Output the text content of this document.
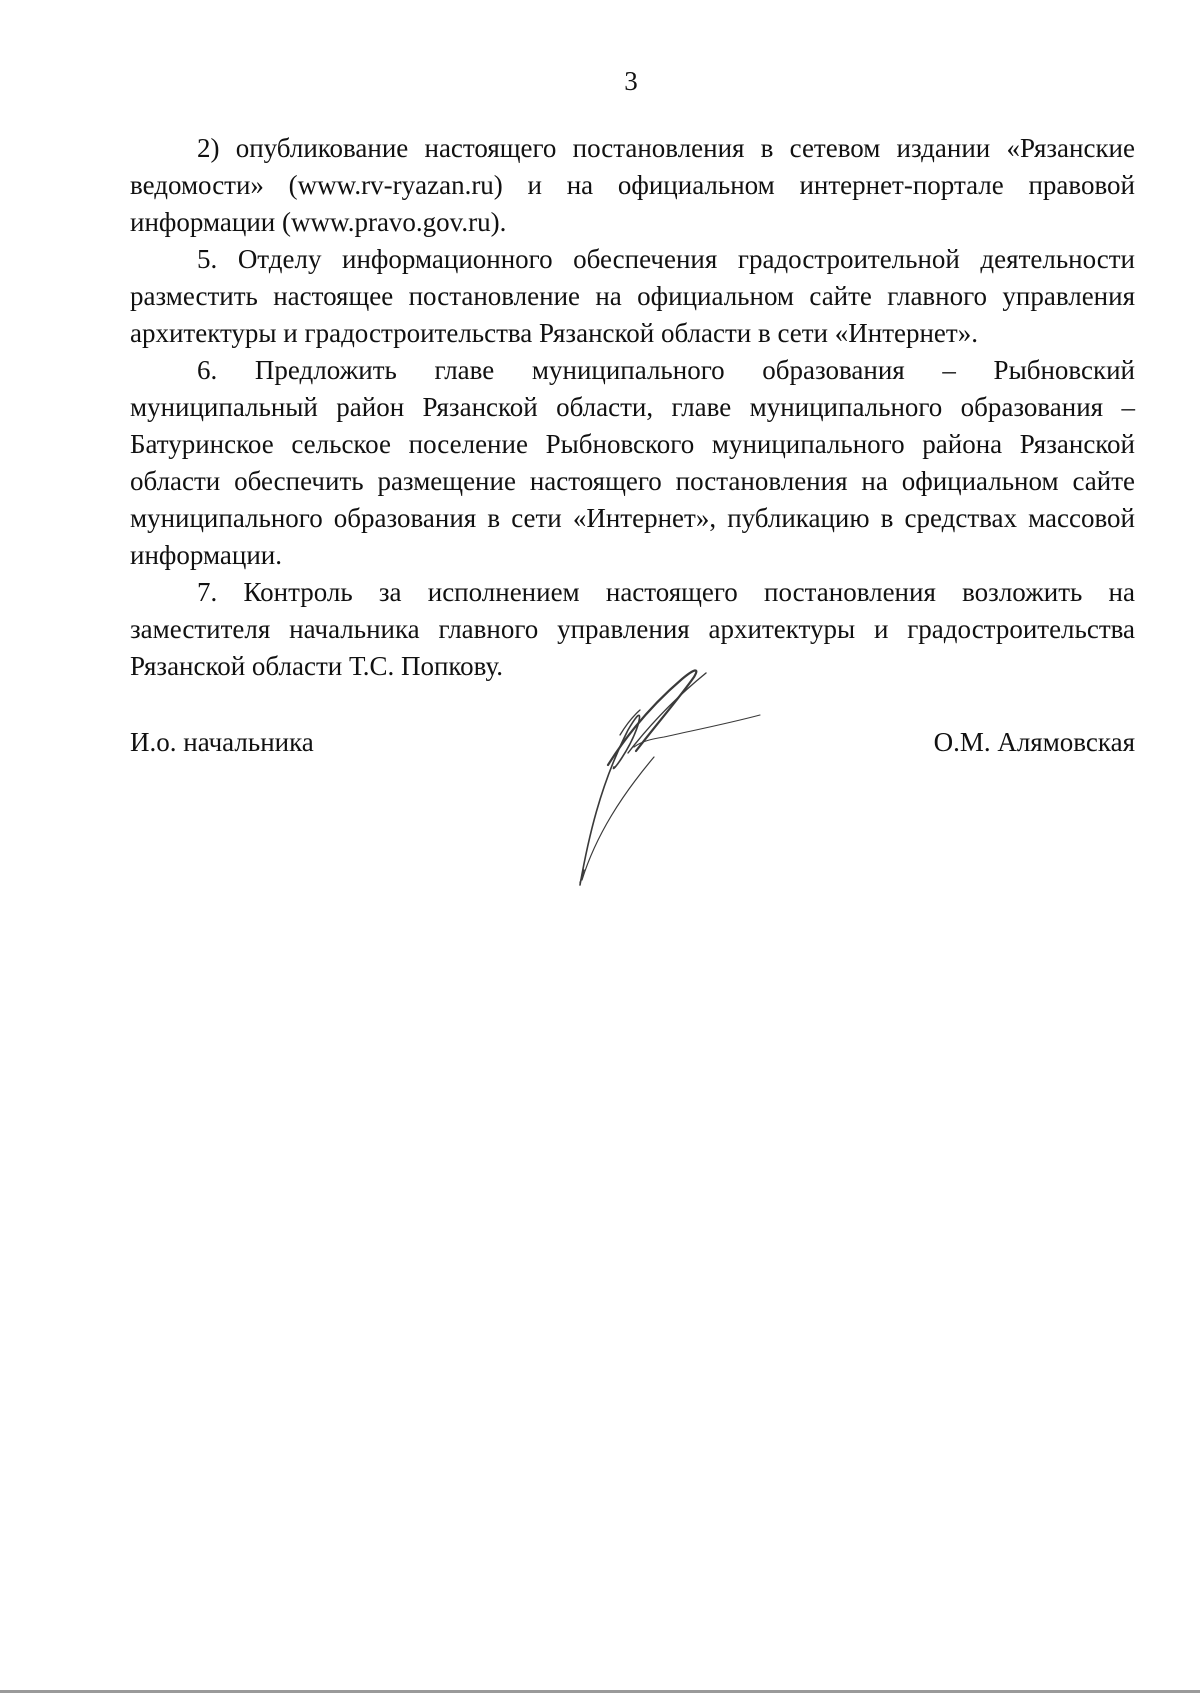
3

2) опубликование настоящего постановления в сетевом издании «Рязанские ведомости» (www.rv-ryazan.ru) и на официальном интернет-портале правовой информации (www.pravo.gov.ru).

5. Отделу информационного обеспечения градостроительной деятельности разместить настоящее постановление на официальном сайте главного управления архитектуры и градостроительства Рязанской области в сети «Интернет».

6. Предложить главе муниципального образования – Рыбновский муниципальный район Рязанской области, главе муниципального образования – Батуринское сельское поселение Рыбновского муниципального района Рязанской области обеспечить размещение настоящего постановления на официальном сайте муниципального образования в сети «Интернет», публикацию в средствах массовой информации.

7. Контроль за исполнением настоящего постановления возложить на заместителя начальника главного управления архитектуры и градостроительства Рязанской области Т.С. Попкову.

И.о. начальника	О.М. Алямовская
